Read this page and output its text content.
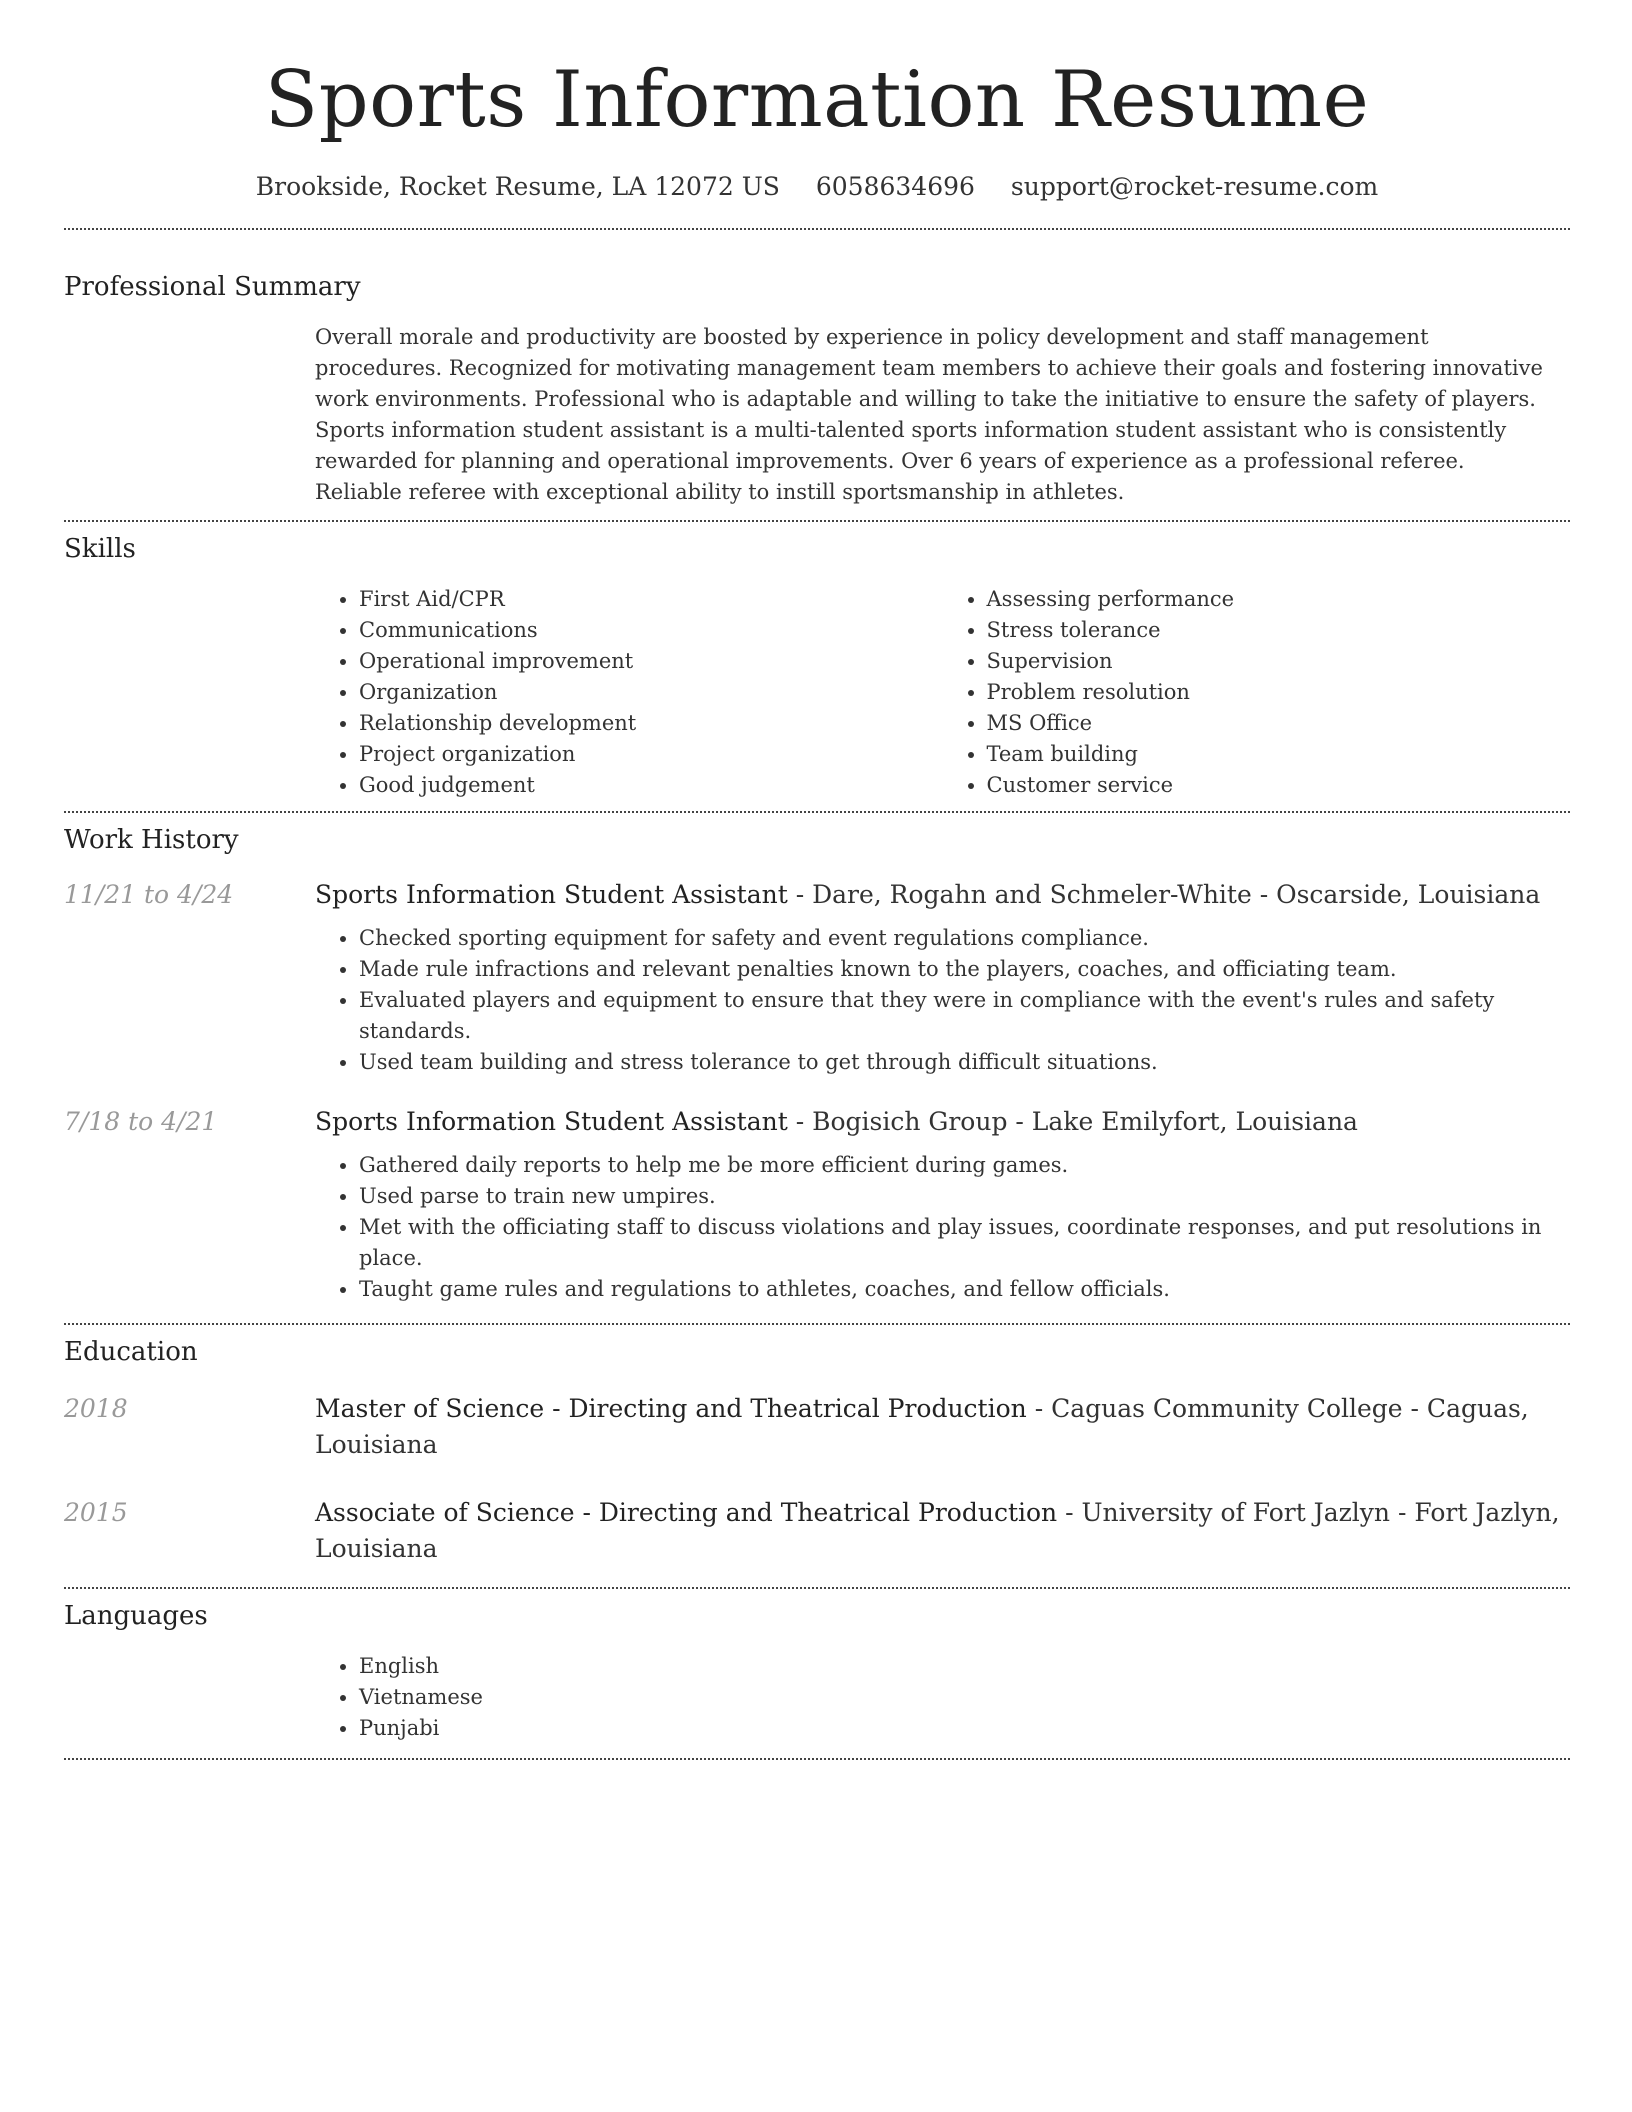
Sports Information Resume
Brookside, Rocket Resume, LA 12072 US 6058634696 support@rocket-resume.com
Professional Summary
Overall morale and productivity are boosted by experience in policy development and staff management procedures. Recognized for motivating management team members to achieve their goals and fostering innovative work environments. Professional who is adaptable and willing to take the initiative to ensure the safety of players. Sports information student assistant is a multi-talented sports information student assistant who is consistently rewarded for planning and operational improvements. Over 6 years of experience as a professional referee. Reliable referee with exceptional ability to instill sportsmanship in athletes.
Skills
• First Aid/CPR
• Communications
• Operational improvement
• Organization
• Relationship development
• Project organization
• Good judgement
• Assessing performance
• Stress tolerance
• Supervision
• Problem resolution
• MS Office
• Team building
• Customer service
Work History
11/21 to 4/24	Sports Information Student Assistant - Dare, Rogahn and Schmeler-White - Oscarside, Louisiana
• Checked sporting equipment for safety and event regulations compliance.
• Made rule infractions and relevant penalties known to the players, coaches, and officiating team.
• Evaluated players and equipment to ensure that they were in compliance with the event's rules and safety standards.
• Used team building and stress tolerance to get through difficult situations.
7/18 to 4/21	Sports Information Student Assistant - Bogisich Group - Lake Emilyfort, Louisiana
• Gathered daily reports to help me be more efficient during games.
• Used parse to train new umpires.
• Met with the officiating staff to discuss violations and play issues, coordinate responses, and put resolutions in place.
• Taught game rules and regulations to athletes, coaches, and fellow officials.
Education
2018	Master of Science - Directing and Theatrical Production - Caguas Community College - Caguas, Louisiana
2015	Associate of Science - Directing and Theatrical Production - University of Fort Jazlyn - Fort Jazlyn, Louisiana
Languages
• English
• Vietnamese
• Punjabi
